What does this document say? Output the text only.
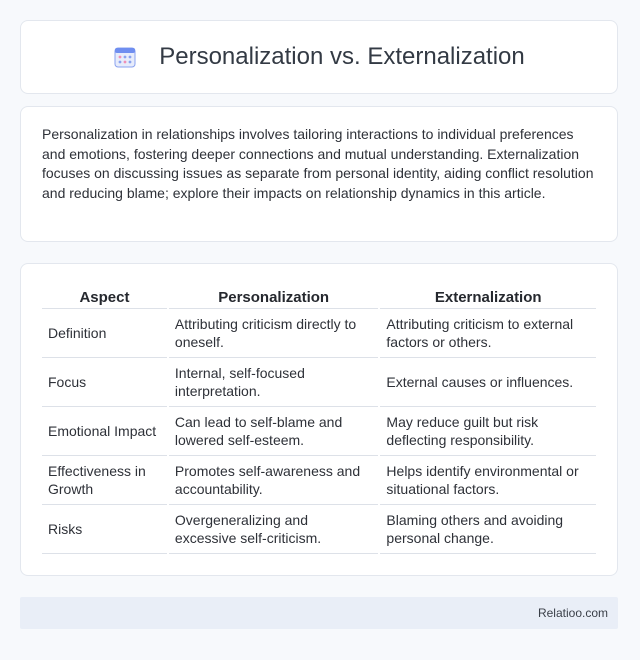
Personalization vs. Externalization

Personalization in relationships involves tailoring interactions to individual preferences and emotions, fostering deeper connections and mutual understanding. Externalization focuses on discussing issues as separate from personal identity, aiding conflict resolution and reducing blame; explore their impacts on relationship dynamics in this article.

Aspect	Personalization	Externalization
Definition	Attributing criticism directly to oneself.	Attributing criticism to external factors or others.
Focus	Internal, self-focused interpretation.	External causes or influences.
Emotional Impact	Can lead to self-blame and lowered self-esteem.	May reduce guilt but risk deflecting responsibility.
Effectiveness in Growth	Promotes self-awareness and accountability.	Helps identify environmental or situational factors.
Risks	Overgeneralizing and excessive self-criticism.	Blaming others and avoiding personal change.
Relatioo.com
